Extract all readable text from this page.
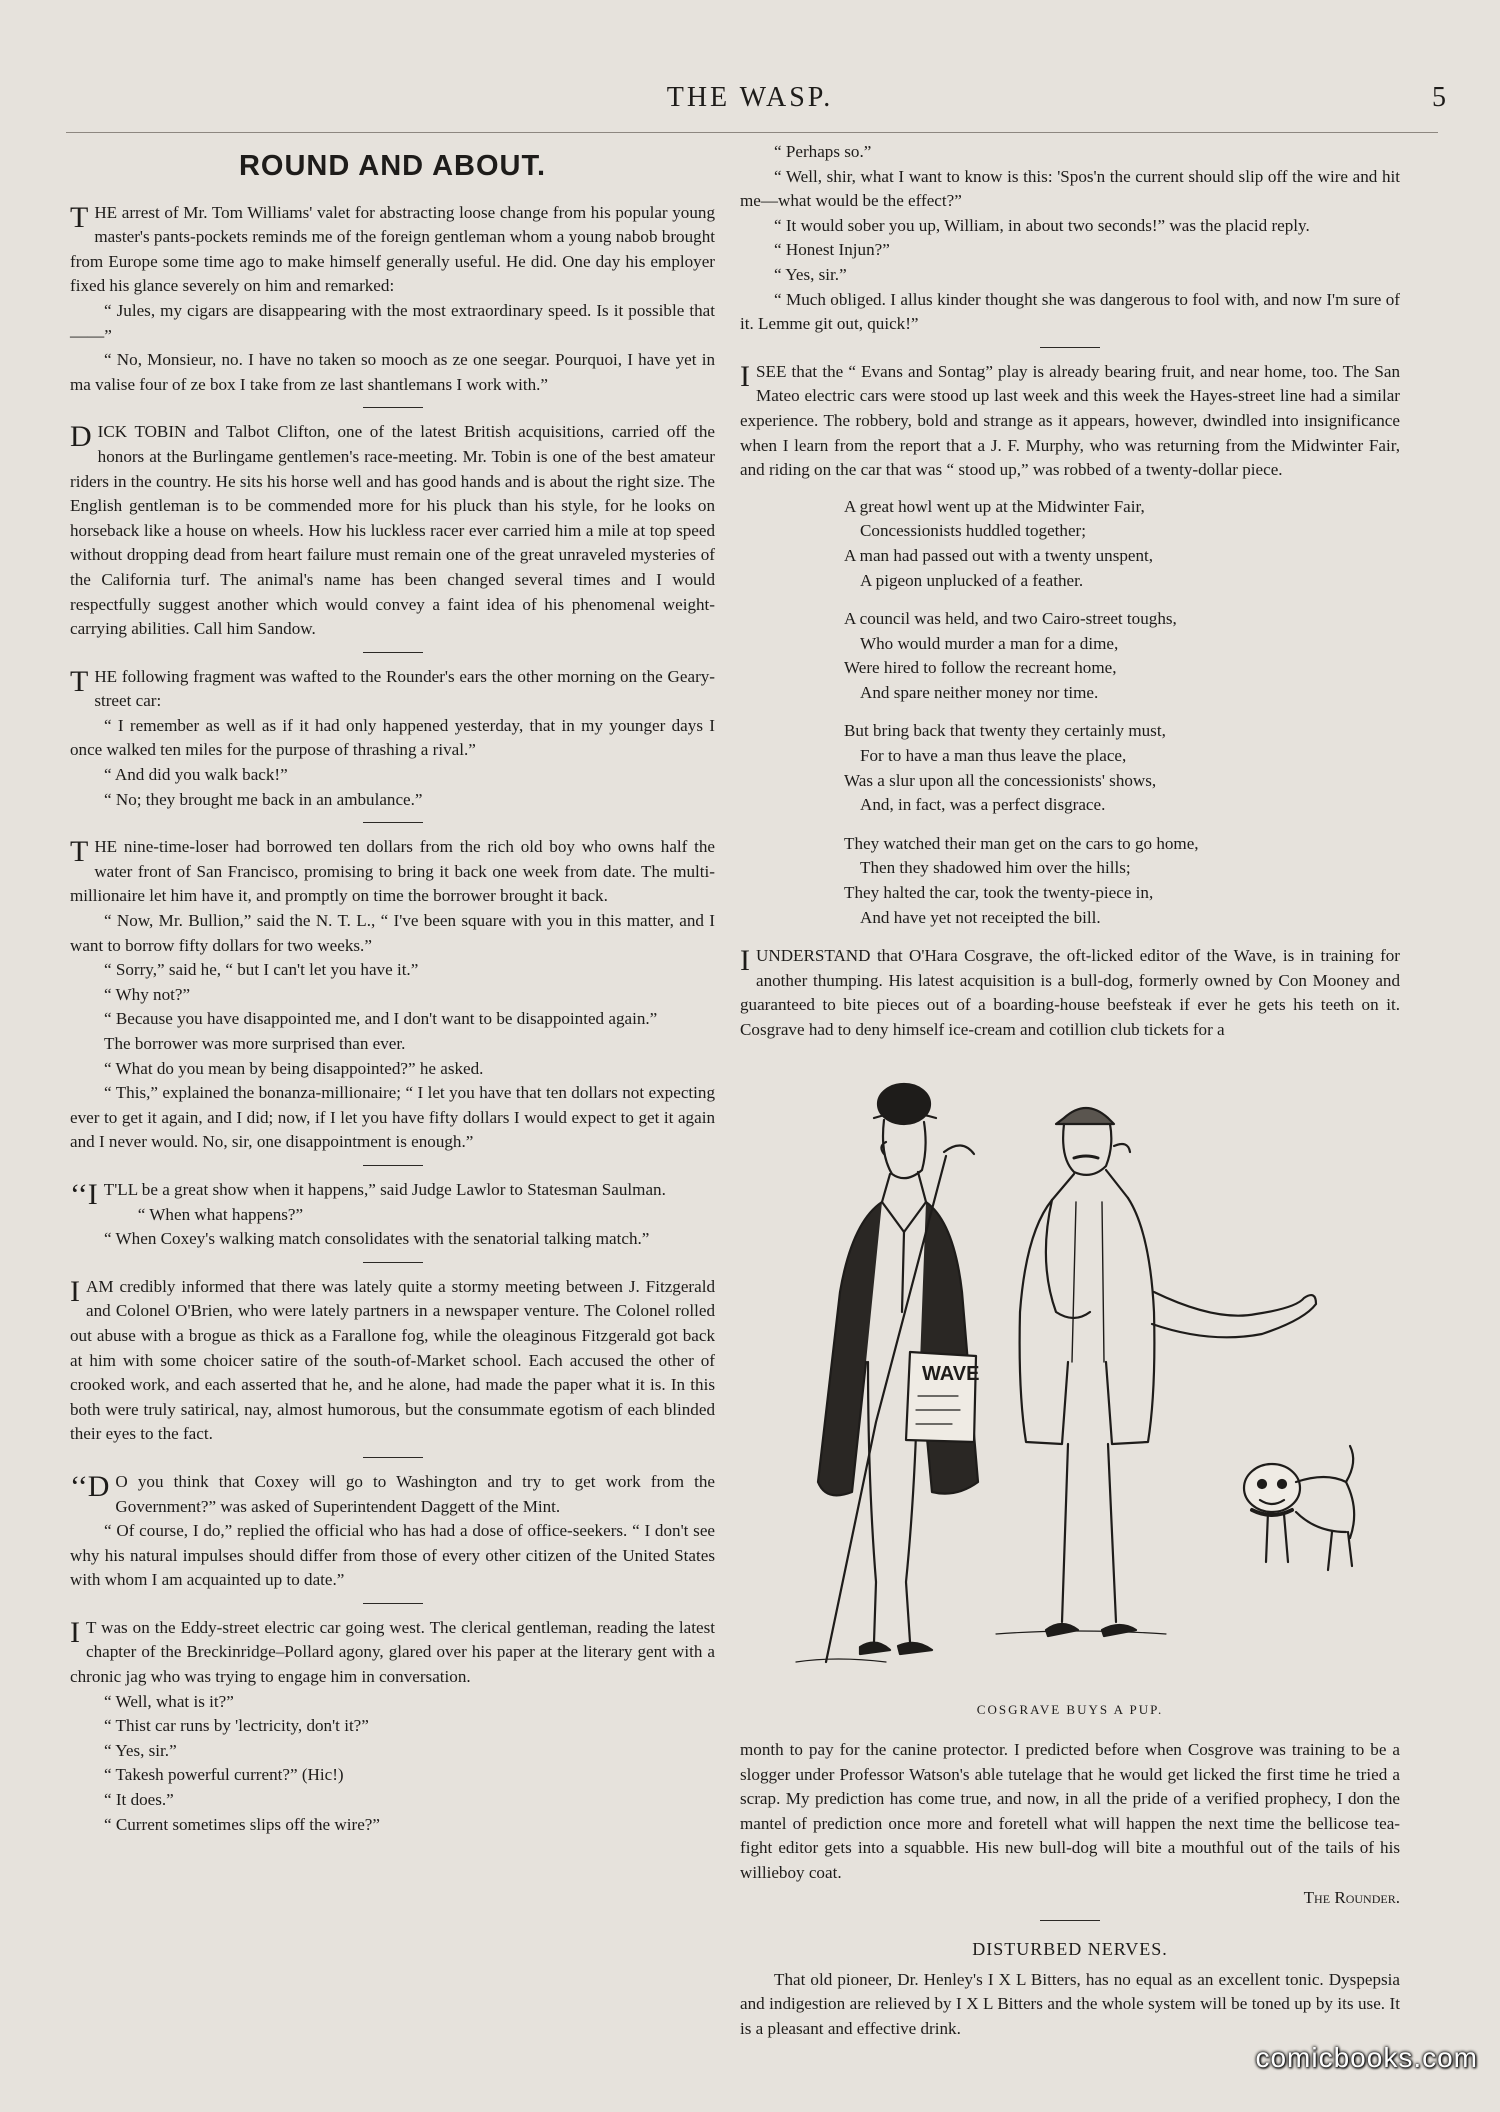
THE WASP.	5
ROUND AND ABOUT.

THE arrest of Mr. Tom Williams' valet for abstracting loose change from his popular young master's pants-pockets reminds me of the foreign gentleman whom a young nabob brought from Europe some time ago to make himself generally useful. He did. One day his employer fixed his glance severely on him and remarked:

“ Jules, my cigars are disappearing with the most extraordinary speed. Is it possible that——”

“ No, Monsieur, no. I have no taken so mooch as ze one seegar. Pourquoi, I have yet in ma valise four of ze box I take from ze last shantlemans I work with.”

DICK TOBIN and Talbot Clifton, one of the latest British acquisitions, carried off the honors at the Burlingame gentlemen's race-meeting. Mr. Tobin is one of the best amateur riders in the country. He sits his horse well and has good hands and is about the right size. The English gentleman is to be commended more for his pluck than his style, for he looks on horseback like a house on wheels. How his luckless racer ever carried him a mile at top speed without dropping dead from heart failure must remain one of the great unraveled mysteries of the California turf. The animal's name has been changed several times and I would respectfully suggest another which would convey a faint idea of his phenomenal weight-carrying abilities. Call him Sandow.

THE following fragment was wafted to the Rounder's ears the other morning on the Geary-street car:

“ I remember as well as if it had only happened yesterday, that in my younger days I once walked ten miles for the purpose of thrashing a rival.”

“ And did you walk back!”

“ No; they brought me back in an ambulance.”

THE nine-time-loser had borrowed ten dollars from the rich old boy who owns half the water front of San Francisco, promising to bring it back one week from date. The multi-millionaire let him have it, and promptly on time the borrower brought it back.

“ Now, Mr. Bullion,” said the N. T. L., “ I've been square with you in this matter, and I want to borrow fifty dollars for two weeks.”

“ Sorry,” said he, “ but I can't let you have it.”

“ Why not?”

“ Because you have disappointed me, and I don't want to be disappointed again.”

The borrower was more surprised than ever.

“ What do you mean by being disappointed?” he asked.

“ This,” explained the bonanza-millionaire; “ I let you have that ten dollars not expecting ever to get it again, and I did; now, if I let you have fifty dollars I would expect to get it again and I never would. No, sir, one disappointment is enough.”

‘‘I T'LL be a great show when it happens,” said Judge Lawlor to Statesman Saulman.

“ When what happens?”

“ When Coxey's walking match consolidates with the senatorial talking match.”

IAM credibly informed that there was lately quite a stormy meeting between J. Fitzgerald and Colonel O'Brien, who were lately partners in a newspaper venture. The Colonel rolled out abuse with a brogue as thick as a Farallone fog, while the oleaginous Fitzgerald got back at him with some choicer satire of the south-of-Market school. Each accused the other of crooked work, and each asserted that he, and he alone, had made the paper what it is. In this both were truly satirical, nay, almost humorous, but the consummate egotism of each blinded their eyes to the fact.

‘‘D O you think that Coxey will go to Washington and try to get work from the Government?” was asked of Superintendent Daggett of the Mint.

“ Of course, I do,” replied the official who has had a dose of office-seekers. “ I don't see why his natural impulses should differ from those of every other citizen of the United States with whom I am acquainted up to date.”

I T was on the Eddy-street electric car going west. The clerical gentleman, reading the latest chapter of the Breckinridge–Pollard agony, glared over his paper at the literary gent with a chronic jag who was trying to engage him in conversation.

“ Well, what is it?”

“ Thist car runs by 'lectricity, don't it?”

“ Yes, sir.”

“ Takesh powerful current?” (Hic!)

“ It does.”

“ Current sometimes slips off the wire?”

“ Perhaps so.”

“ Well, shir, what I want to know is this: 'Spos'n the current should slip off the wire and hit me—what would be the effect?”

“ It would sober you up, William, in about two seconds!” was the placid reply.

“ Honest Injun?”

“ Yes, sir.”

“ Much obliged. I allus kinder thought she was dangerous to fool with, and now I'm sure of it. Lemme git out, quick!”

ISEE that the “ Evans and Sontag” play is already bearing fruit, and near home, too. The San Mateo electric cars were stood up last week and this week the Hayes-street line had a similar experience. The robbery, bold and strange as it appears, however, dwindled into insignificance when I learn from the report that a J. F. Murphy, who was returning from the Midwinter Fair, and riding on the car that was “ stood up,” was robbed of a twenty-dollar piece.

A great howl went up at the Midwinter Fair,
Concessionists huddled together;
A man had passed out with a twenty unspent,
A pigeon unplucked of a feather.
A council was held, and two Cairo-street toughs,
Who would murder a man for a dime,
Were hired to follow the recreant home,
And spare neither money nor time.
But bring back that twenty they certainly must,
For to have a man thus leave the place,
Was a slur upon all the concessionists' shows,
And, in fact, was a perfect disgrace.
They watched their man get on the cars to go home,
Then they shadowed him over the hills;
They halted the car, took the twenty-piece in,
And have yet not receipted the bill.

IUNDERSTAND that O'Hara Cosgrave, the oft-licked editor of the Wave, is in training for another thumping. His latest acquisition is a bull-dog, formerly owned by Con Mooney and guaranteed to bite pieces out of a boarding-house beefsteak if ever he gets his teeth on it. Cosgrave had to deny himself ice-cream and cotillion club tickets for a

WAVE
COSGRAVE BUYS A PUP.

month to pay for the canine protector. I predicted before when Cosgrove was training to be a slogger under Professor Watson's able tutelage that he would get licked the first time he tried a scrap. My prediction has come true, and now, in all the pride of a verified prophecy, I don the mantel of prediction once more and foretell what will happen the next time the bellicose tea-fight editor gets into a squabble. His new bull-dog will bite a mouthful out of the tails of his willieboy coat.

The Rounder.

DISTURBED NERVES.

That old pioneer, Dr. Henley's I X L Bitters, has no equal as an excellent tonic. Dyspepsia and indigestion are relieved by I X L Bitters and the whole system will be toned up by its use. It is a pleasant and effective drink.

comicbooks.com
